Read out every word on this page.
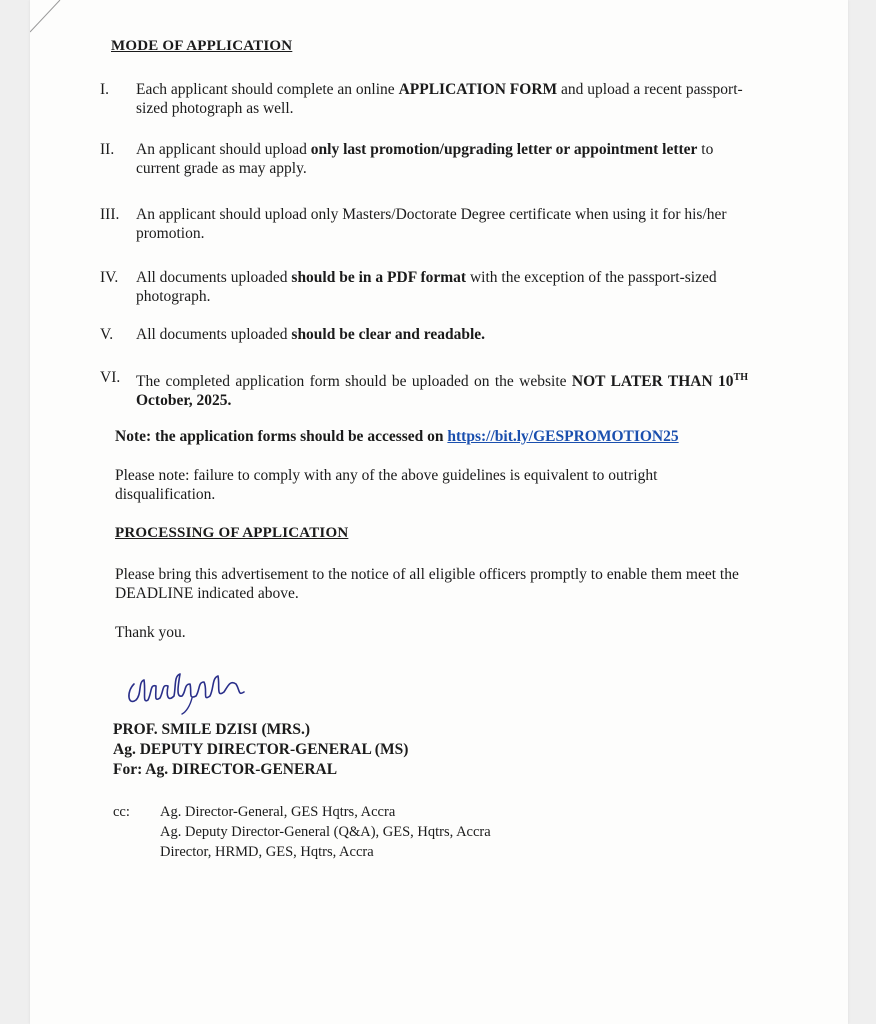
MODE OF APPLICATION
I.	Each applicant should complete an online APPLICATION FORM and upload a recent passport-sized photograph as well.
II.	An applicant should upload only last promotion/upgrading letter or appointment letter to current grade as may apply.
III.	An applicant should upload only Masters/Doctorate Degree certificate when using it for his/her promotion.
IV.	All documents uploaded should be in a PDF format with the exception of the passport-sized photograph.
V.	All documents uploaded should be clear and readable.
VI.	The completed application form should be uploaded on the website NOT LATER THAN 10TH October, 2025.
Note: the application forms should be accessed on https://bit.ly/GESPROMOTION25
Please note: failure to comply with any of the above guidelines is equivalent to outright disqualification.
PROCESSING OF APPLICATION
Please bring this advertisement to the notice of all eligible officers promptly to enable them meet the DEADLINE indicated above.
Thank you.
PROF. SMILE DZISI (MRS.)
Ag. DEPUTY DIRECTOR-GENERAL (MS)
For: Ag. DIRECTOR-GENERAL
cc:	Ag. Director-General, GES Hqtrs, Accra
Ag. Deputy Director-General (Q&A), GES, Hqtrs, Accra
Director, HRMD, GES, Hqtrs, Accra
